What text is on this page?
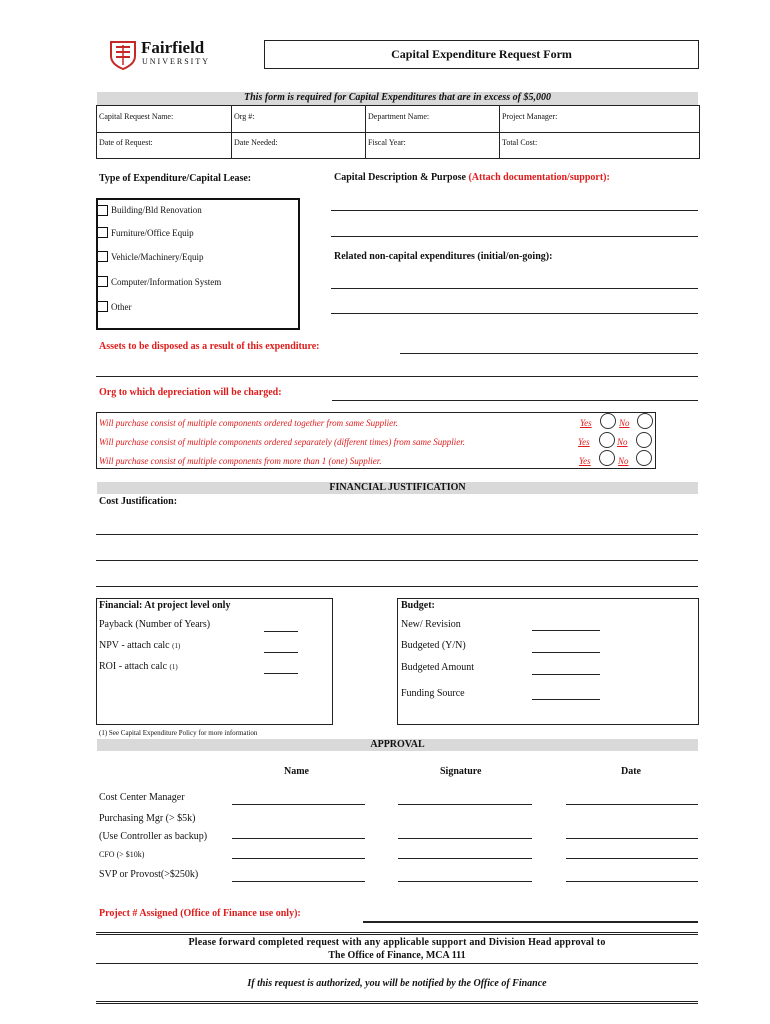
Fairfield
UNIVERSITY
Capital Expenditure Request Form
This form is required for Capital Expenditures that are in excess of $5,000
Capital Request Name:	Org #:	Department Name:	Project Manager:
Date of Request:	Date Needed:	Fiscal Year:	Total Cost:
Type of Expenditure/Capital Lease:
Building/Bld Renovation
Furniture/Office Equip
Vehicle/Machinery/Equip
Computer/Information System
Other
Capital Description & Purpose (Attach documentation/support):
Related non-capital expenditures (initial/on-going):
Assets to be disposed as a result of this expenditure:
Org to which depreciation will be charged:
Will purchase consist of multiple components ordered together from same Supplier.
Will purchase consist of multiple components ordered separately (different times) from same Supplier.
Will purchase consist of multiple components from more than 1 (one) Supplier.
Yes	No
Yes	No
Yes	No
FINANCIAL JUSTIFICATION
Cost Justification:
Financial: At project level only
Payback (Number of Years)
NPV - attach calc (1)
ROI - attach calc (1)
Budget:
New/ Revision
Budgeted (Y/N)
Budgeted Amount
Funding Source
(1) See Capital Expenditure Policy for more information
APPROVAL
Name	Signature	Date
Cost Center Manager
Purchasing Mgr (> $5k)
(Use Controller as backup)
CFO (> $10k)
SVP or Provost(>$250k)
Project # Assigned (Office of Finance use only):
Please forward completed request with any applicable support and Division Head approval to
The Office of Finance, MCA 111
If this request is authorized, you will be notified by the Office of Finance
